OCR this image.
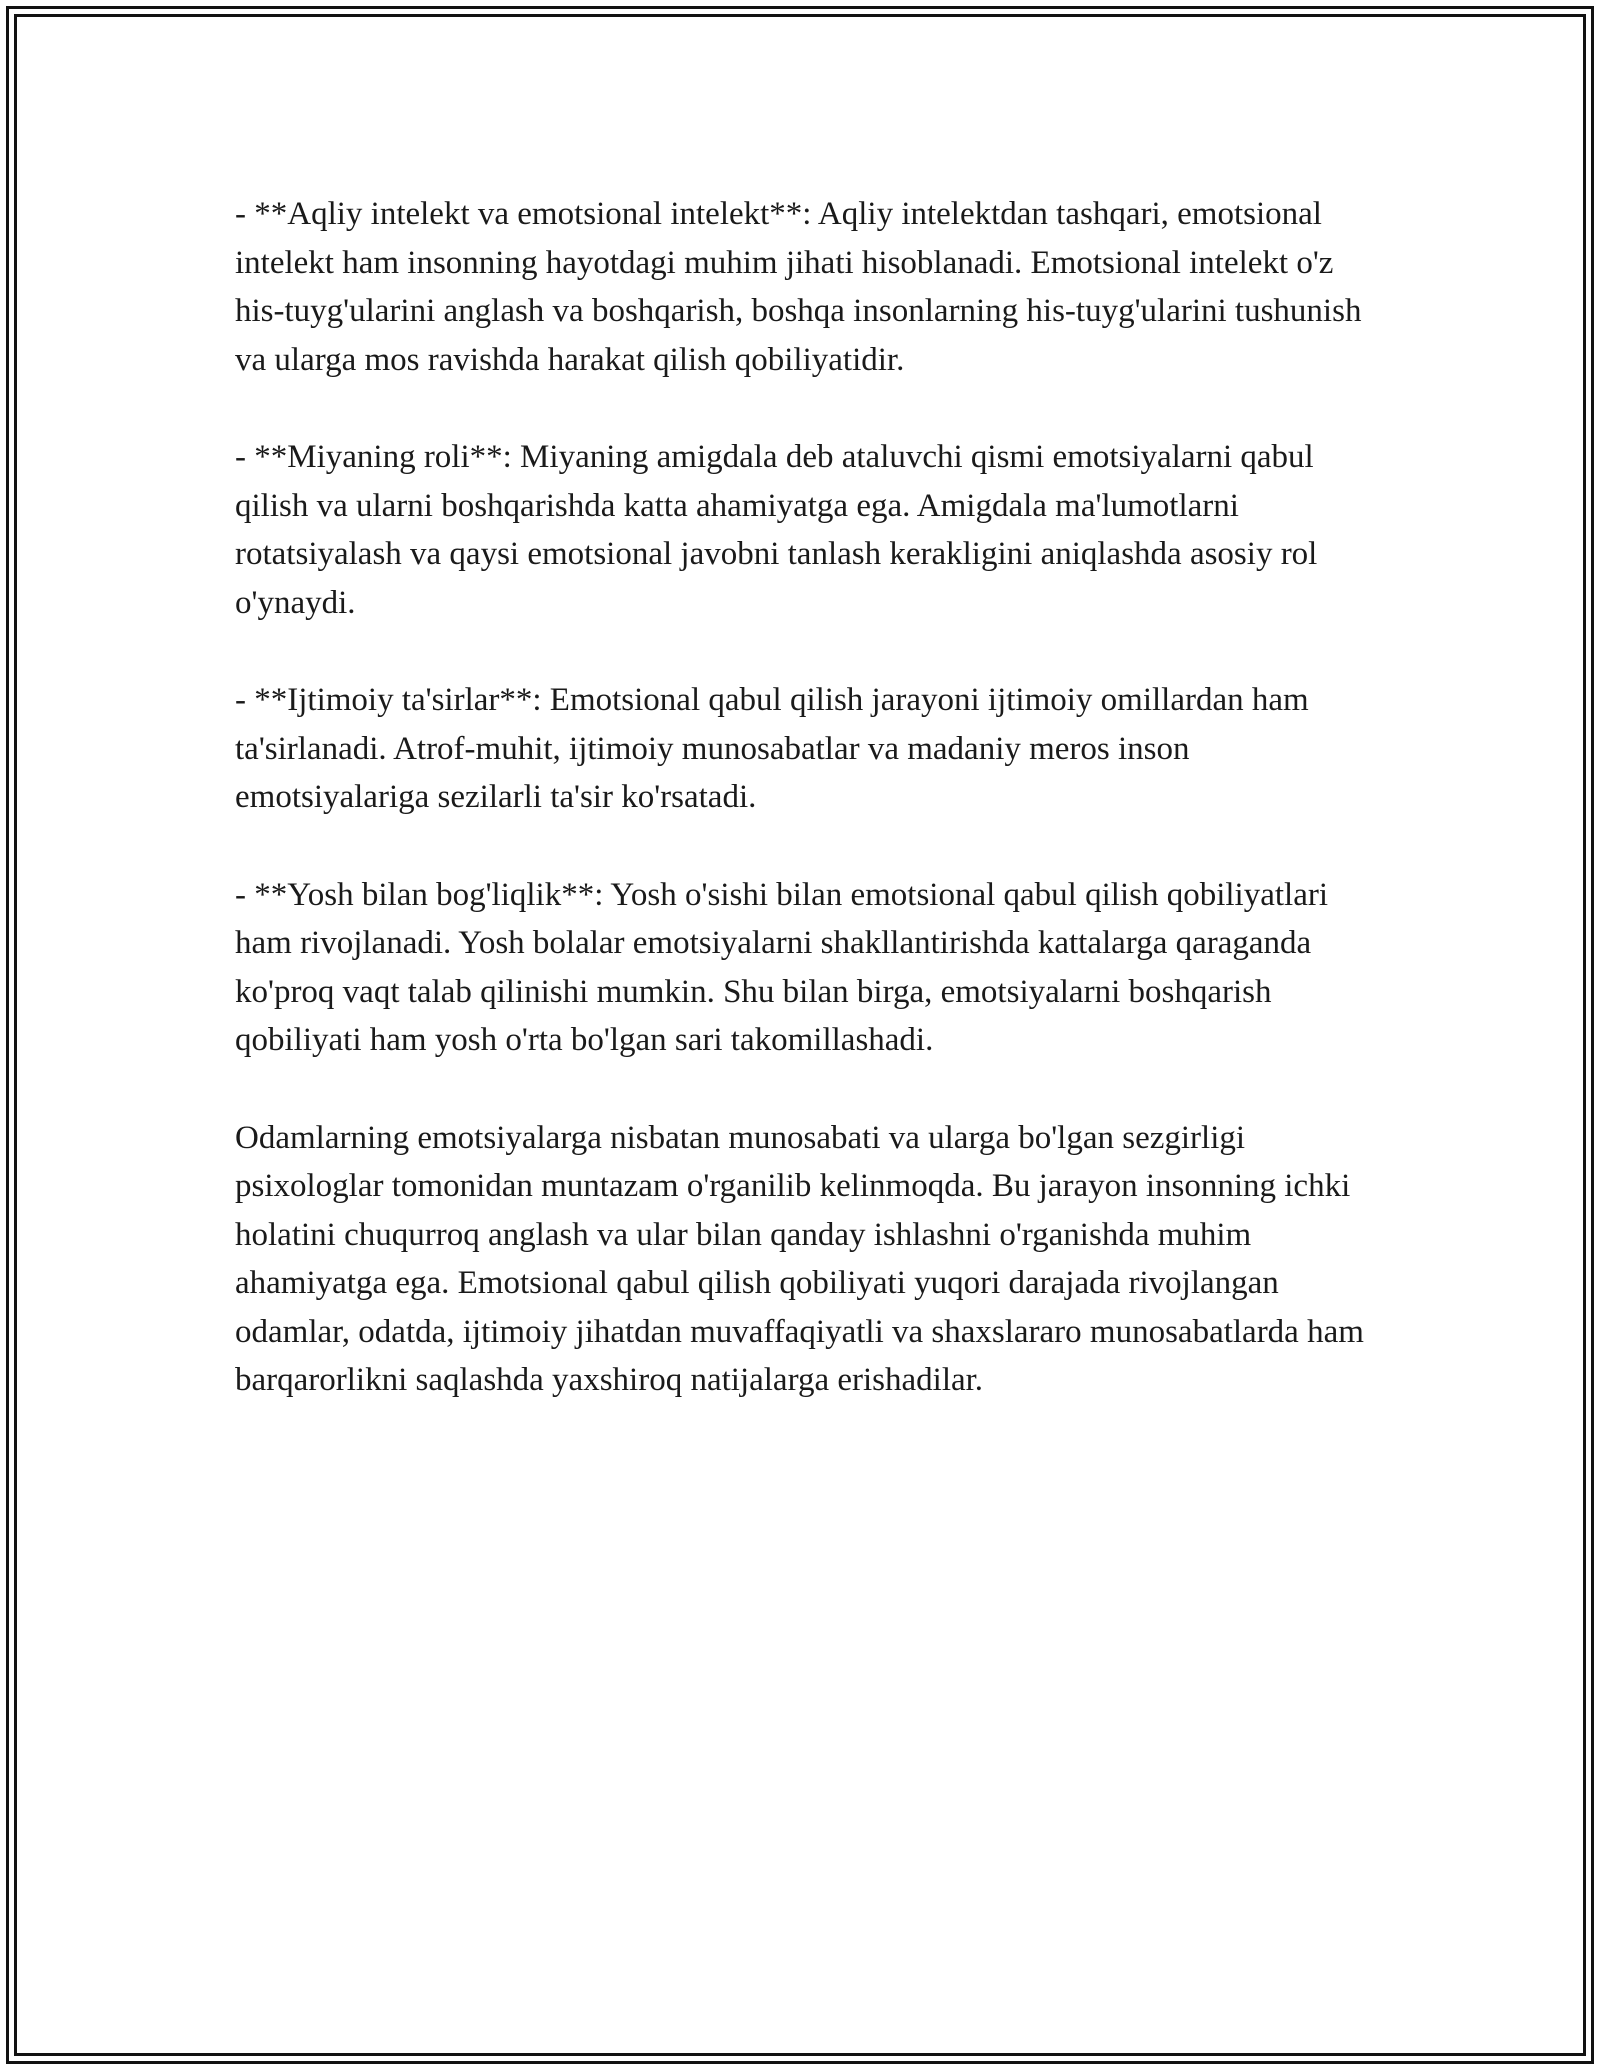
- **Aqliy intelekt va emotsional intelekt**: Aqliy intelektdan tashqari, emotsional intelekt ham insonning hayotdagi muhim jihati hisoblanadi. Emotsional intelekt o'z his-tuyg'ularini anglash va boshqarish, boshqa insonlarning his-tuyg'ularini tushunish va ularga mos ravishda harakat qilish qobiliyatidir.

- **Miyaning roli**: Miyaning amigdala deb ataluvchi qismi emotsiyalarni qabul qilish va ularni boshqarishda katta ahamiyatga ega. Amigdala ma'lumotlarni rotatsiyalash va qaysi emotsional javobni tanlash kerakligini aniqlashda asosiy rol o'ynaydi.

- **Ijtimoiy ta'sirlar**: Emotsional qabul qilish jarayoni ijtimoiy omillardan ham ta'sirlanadi. Atrof-muhit, ijtimoiy munosabatlar va madaniy meros inson emotsiyalariga sezilarli ta'sir ko'rsatadi.

- **Yosh bilan bog'liqlik**: Yosh o'sishi bilan emotsional qabul qilish qobiliyatlari ham rivojlanadi. Yosh bolalar emotsiyalarni shakllantirishda kattalarga qaraganda ko'proq vaqt talab qilinishi mumkin. Shu bilan birga, emotsiyalarni boshqarish qobiliyati ham yosh o'rta bo'lgan sari takomillashadi.

Odamlarning emotsiyalarga nisbatan munosabati va ularga bo'lgan sezgirligi psixologlar tomonidan muntazam o'rganilib kelinmoqda. Bu jarayon insonning ichki holatini chuqurroq anglash va ular bilan qanday ishlashni o'rganishda muhim ahamiyatga ega. Emotsional qabul qilish qobiliyati yuqori darajada rivojlangan odamlar, odatda, ijtimoiy jihatdan muvaffaqiyatli va shaxslararo munosabatlarda ham barqarorlikni saqlashda yaxshiroq natijalarga erishadilar.
